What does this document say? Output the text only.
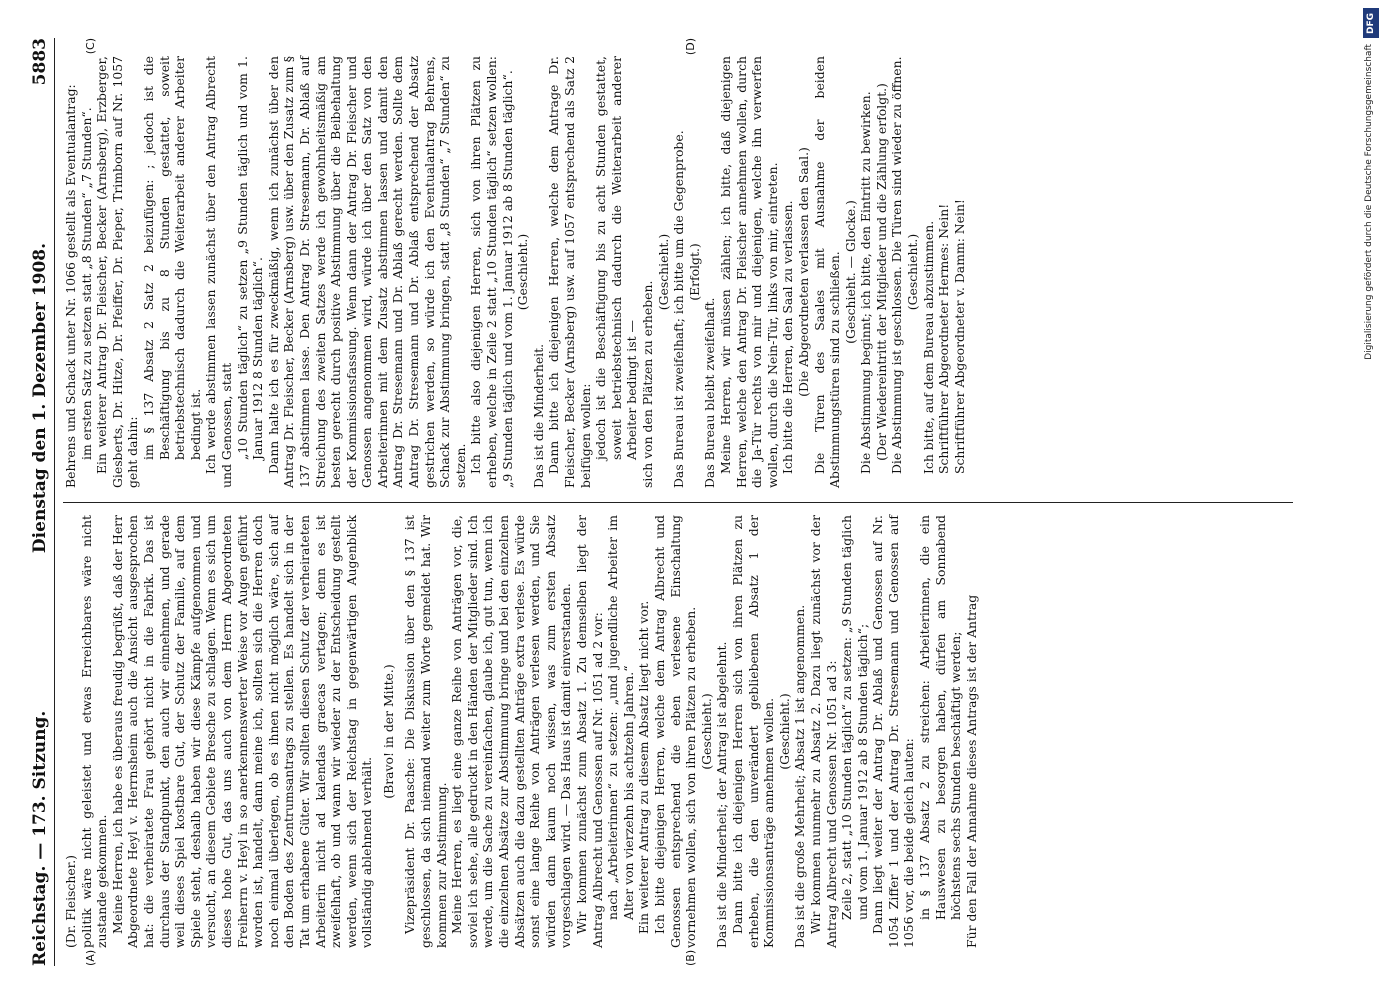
Reichstag. — 173. Sitzung.
Dienstag den 1. Dezember 1908.
5883
(A)	(B)

(Dr. Fleischer.) politik wäre nicht geleistet und etwas Erreichbares wäre nicht zustande gekommen. Meine Herren, ich habe es überaus freudig begrüßt, daß der Herr Abgeordnete Heyl v. Herrnsheim auch die Ansicht ausgesprochen hat: die verheiratete Frau gehört nicht in die Fabrik. Das ist durchaus der Standpunkt, den auch wir einnehmen, und gerade weil dieses Spiel kostbare Gut, der Schutz der Familie, auf dem Spiele steht, deshalb haben wir diese Kämpfe aufgenommen und versucht, an diesem Gebiete Bresche zu schlagen. Wenn es sich um dieses hohe Gut, das uns auch von dem Herrn Abgeordneten Freiherrn v. Heyl in so anerkennenswerter Weise vor Augen geführt worden ist, handelt, dann meine ich, sollten sich die Herren doch noch einmal überlegen, ob es ihnen nicht möglich wäre, sich auf den Boden des Zentrumsantrags zu stellen. Es handelt sich in der Tat um erhabene Güter. Wir sollten diesen Schutz der verheirateten Arbeiterin nicht ad kalendas graecas vertagen; denn es ist zweifelhaft, ob und wann wir wieder zu der Entscheidung gestellt werden, wenn sich der Reichstag in gegenwärtigen Augenblick vollständig ablehnend verhält.

(Bravo! in der Mitte.) Vizepräsident Dr. Paasche: Die Diskussion über den § 137 ist geschlossen, da sich niemand weiter zum Worte gemeldet hat. Wir kommen zur Abstimmung. Meine Herren, es liegt eine ganze Reihe von Anträgen vor, die, soviel ich sehe, alle gedruckt in den Händen der Mitglieder sind. Ich werde, um die Sache zu vereinfachen, glaube ich, gut tun, wenn ich die einzelnen Absätze zur Abstimmung bringe und bei den einzelnen Absätzen auch die dazu gestellten Anträge extra verlese. Es würde sonst eine lange Reihe von Anträgen verlesen werden, und Sie würden dann kaum noch wissen, was zum ersten Absatz vorgeschlagen wird. — Das Haus ist damit einverstanden. Wir kommen zunächst zum Absatz 1. Zu demselben liegt der Antrag Albrecht und Genossen auf Nr. 1051 ad 2 vor: nach „Arbeiterinnen“ zu setzen: „und jugendliche Arbeiter im Alter von vierzehn bis achtzehn Jahren.“ Ein weiterer Antrag zu diesem Absatz liegt nicht vor. Ich bitte diejenigen Herren, welche dem Antrag Albrecht und Genossen entsprechend die eben verlesene Einschaltung vornehmen wollen, sich von ihren Plätzen zu erheben. (Geschieht.) Das ist die Minderheit; der Antrag ist abgelehnt. Dann bitte ich diejenigen Herren sich von ihren Plätzen zu erheben, die den unverändert gebliebenen Absatz 1 der Kommissionsanträge annehmen wollen. (Geschieht.) Das ist die große Mehrheit; Absatz 1 ist angenommen. Wir kommen nunmehr zu Absatz 2. Dazu liegt zunächst vor der Antrag Albrecht und Genossen Nr. 1051 ad 3: Zeile 2, statt „10 Stunden täglich“ zu setzen: „9 Stunden täglich und vom 1. Januar 1912 ab 8 Stunden täglich“; Dann liegt weiter der Antrag Dr. Ablaß und Genossen auf Nr. 1054 Ziffer 1 und der Antrag Dr. Stresemann und Genossen auf 1056 vor, die beide gleich lauten: in § 137 Absatz 2 zu streichen: Arbeiterinnen, die ein Hauswesen zu besorgen haben, dürfen am Sonnabend höchstens sechs Stunden beschäftigt werden; Für den Fall der Annahme dieses Antrags ist der Antrag

(C)	(D)

Behrens und Schack unter Nr. 1066 gestellt als Eventualantrag: im ersten Satz zu setzen statt „8 Stunden“ „7 Stunden“. Ein weiterer Antrag Dr. Fleischer, Becker (Arnsberg), Erzberger, Giesberts, Dr. Hitze, Dr. Pfeiffer, Dr. Pieper, Trimborn auf Nr. 1057 geht dahin: im § 137 Absatz 2 Satz 2 beizufügen: ; jedoch ist die Beschäftigung bis zu 8 Stunden gestattet, soweit betriebstechnisch dadurch die Weiterarbeit anderer Arbeiter bedingt ist. Ich werde abstimmen lassen zunächst über den Antrag Albrecht und Genossen, statt „10 Stunden täglich“ zu setzen „9 Stunden täglich und vom 1. Januar 1912 8 Stunden täglich“. Dann halte ich es für zweckmäßig, wenn ich zunächst über den Antrag Dr. Fleischer, Becker (Arnsberg) usw. über den Zusatz zum § 137 abstimmen lasse. Den Antrag Dr. Stresemann, Dr. Ablaß auf Streichung des zweiten Satzes werde ich gewohnheitsmäßig am besten gerecht durch positive Abstimmung über die Beibehaltung der Kommissionsfassung. Wenn dann der Antrag Dr. Fleischer und Genossen angenommen wird, würde ich über den Satz von den Arbeiterinnen mit dem Zusatz abstimmen lassen und damit den Antrag Dr. Stresemann und Dr. Ablaß gerecht werden. Sollte dem Antrag Dr. Stresemann und Dr. Ablaß entsprechend der Absatz gestrichen werden, so würde ich den Eventualantrag Behrens, Schack zur Abstimmung bringen, statt „8 Stunden“ „7 Stunden“ zu setzen. Ich bitte also diejenigen Herren, sich von ihren Plätzen zu erheben, welche in Zeile 2 statt „10 Stunden täglich“ setzen wollen: „9 Stunden täglich und vom 1. Januar 1912 ab 8 Stunden täglich“. (Geschieht.)

Das ist die Minderheit. Dann bitte ich diejenigen Herren, welche dem Antrage Dr. Fleischer, Becker (Arnsberg) usw. auf 1057 entsprechend als Satz 2 beifügen wollen: jedoch ist die Beschäftigung bis zu acht Stunden gestattet, soweit betriebstechnisch dadurch die Weiterarbeit anderer Arbeiter bedingt ist — sich von den Plätzen zu erheben.

(Geschieht.) Das Bureau ist zweifelhaft; ich bitte um die Gegenprobe. (Erfolgt.)

Das Bureau bleibt zweifelhaft. Meine Herren, wir müssen zählen; ich bitte, daß diejenigen Herren, welche den Antrag Dr. Fleischer annehmen wollen, durch die Ja-Tür rechts von mir und diejenigen, welche ihn verwerfen wollen, durch die Nein-Tür, links von mir, eintreten. Ich bitte die Herren, den Saal zu verlassen. (Die Abgeordneten verlassen den Saal.) Die Türen des Saales mit Ausnahme der beiden Abstimmungstüren sind zu schließen. (Geschieht. — Glocke.) Die Abstimmung beginnt; ich bitte, den Eintritt zu bewirken. (Der Wiedereintritt der Mitglieder und die Zählung erfolgt.) Die Abstimmung ist geschlossen. Die Türen sind wieder zu öffnen. (Geschieht.) Ich bitte, auf dem Bureau abzustimmen. Schriftführer Abgeordneter Hermes: Nein! Schriftführer Abgeordneter v. Damm: Nein!

DFG
Digitalisierung gefördert durch die Deutsche Forschungsgemeinschaft
